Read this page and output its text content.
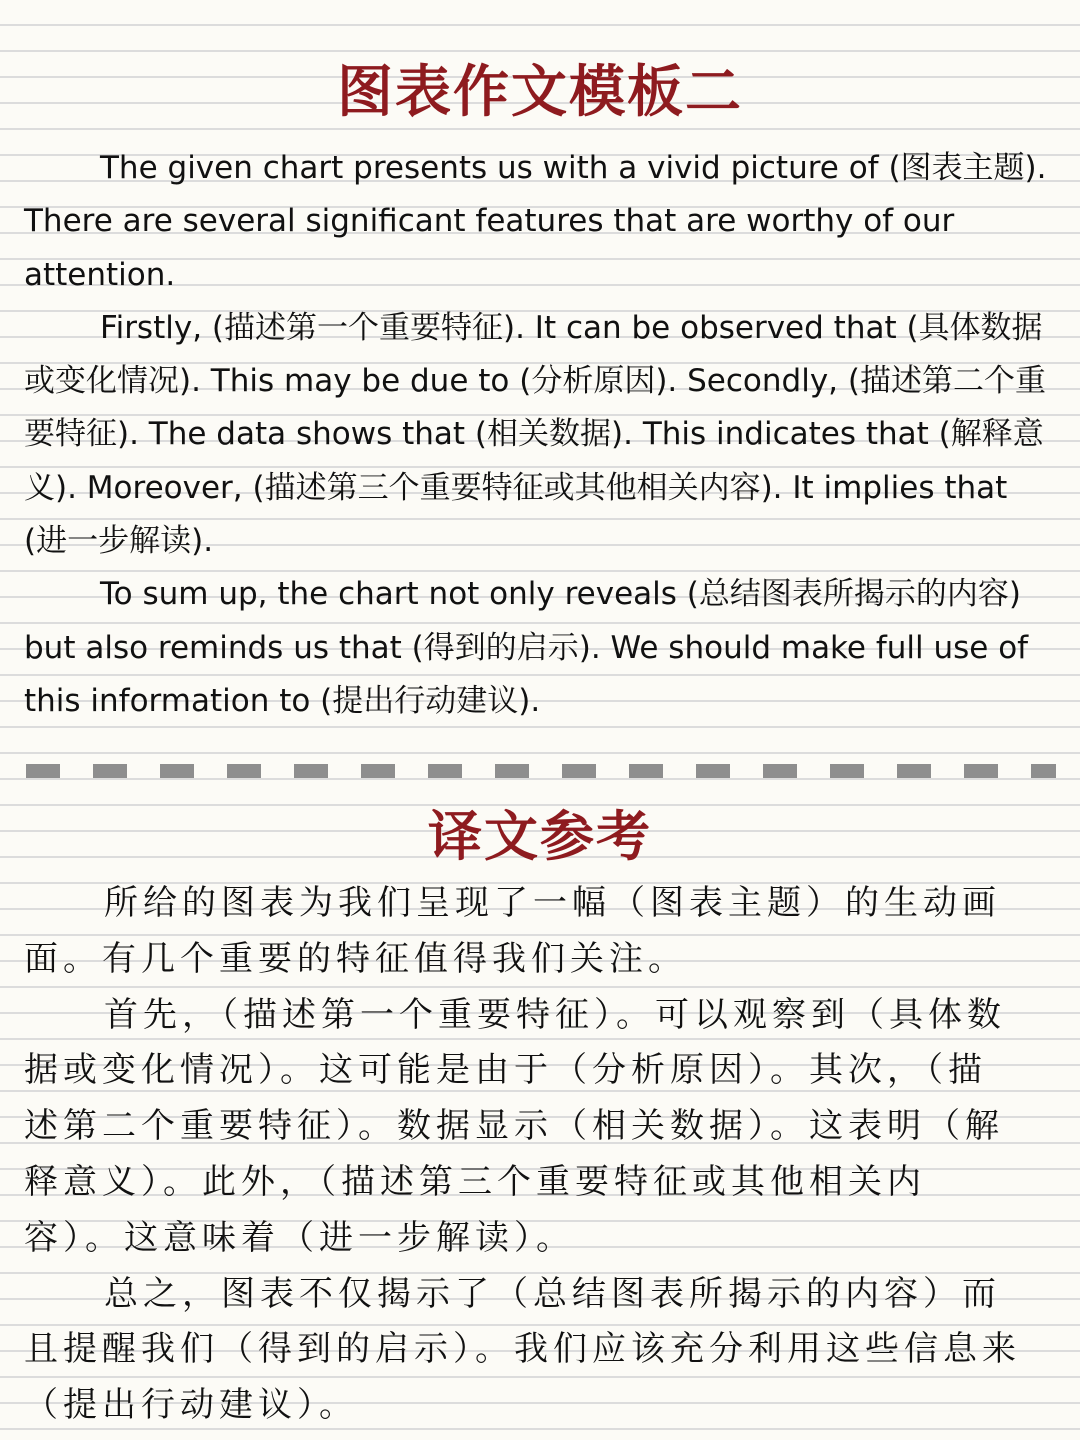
图表作文模板二

The given chart presents us with a vivid picture of (图表主题). There are several significant features that are worthy of our attention.

Firstly, (描述第一个重要特征). It can be observed that (具体数据或变化情况). This may be due to (分析原因). Secondly, (描述第二个重要特征). The data shows that (相关数据). This indicates that (解释意义). Moreover, (描述第三个重要特征或其他相关内容). It implies that (进一步解读).

To sum up, the chart not only reveals (总结图表所揭示的内容) but also reminds us that (得到的启示). We should make full use of this information to (提出行动建议).

译文参考

所给的图表为我们呈现了一幅（图表主题）的生动画面。有几个重要的特征值得我们关注。

首先，（描述第一个重要特征）。可以观察到（具体数据或变化情况）。这可能是由于（分析原因）。其次，（描述第二个重要特征）。数据显示（相关数据）。这表明（解释意义）。此外，（描述第三个重要特征或其他相关内容）。这意味着（进一步解读）。

总之，图表不仅揭示了（总结图表所揭示的内容）而且提醒我们（得到的启示）。我们应该充分利用这些信息来（提出行动建议）。
